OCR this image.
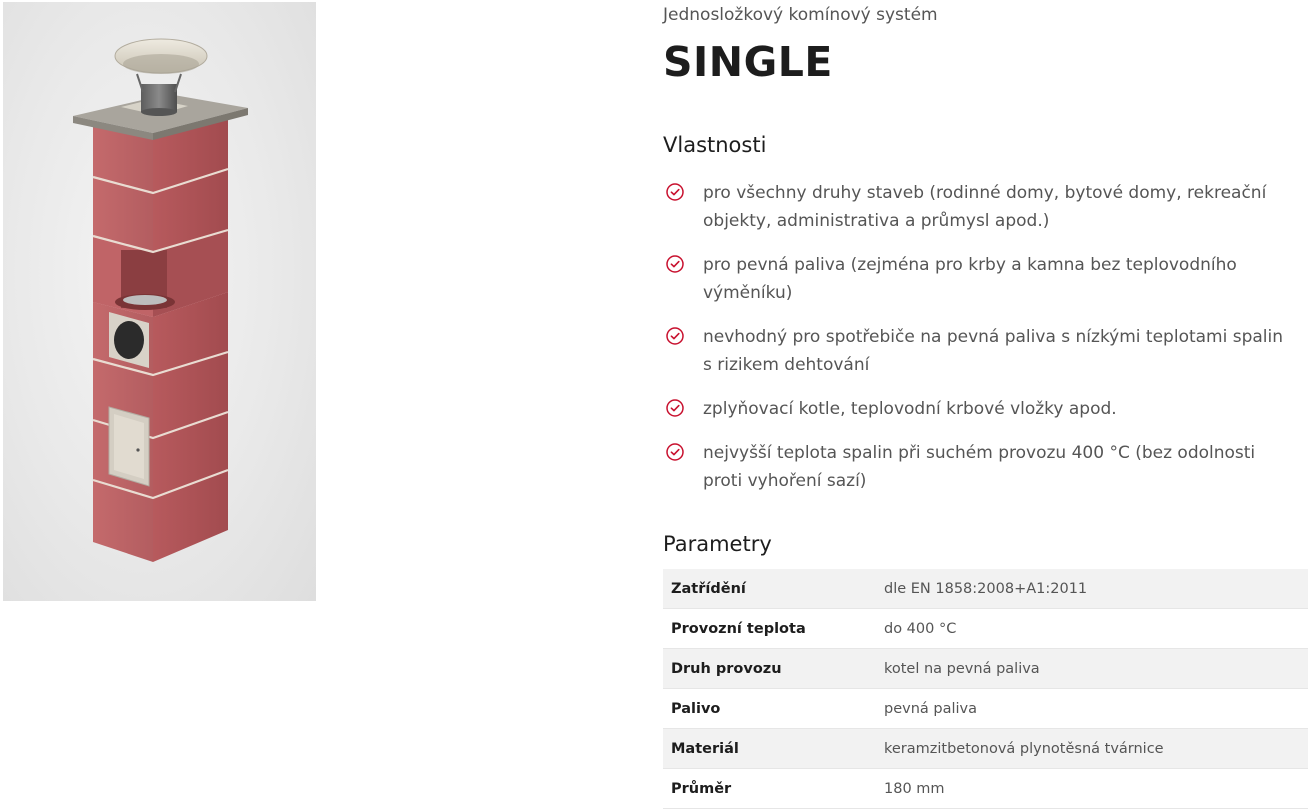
Jednosložkový komínový systém
SINGLE
Vlastnosti
pro všechny druhy staveb (rodinné domy, bytové domy, rekreační objekty, administrativa a průmysl apod.)
pro pevná paliva (zejména pro krby a kamna bez teplovodního výměníku)
nevhodný pro spotřebiče na pevná paliva s nízkými teplotami spalin s rizikem dehtování
zplyňovací kotle, teplovodní krbové vložky apod.
nejvyšší teplota spalin při suchém provozu 400 °C (bez odolnosti proti vyhoření sazí)
Parametry
Zatřídění	dle EN 1858:2008+A1:2011
Provozní teplota	do 400 °C
Druh provozu	kotel na pevná paliva
Palivo	pevná paliva
Materiál	keramzitbetonová plynotěsná tvárnice
Průměr	180 mm
